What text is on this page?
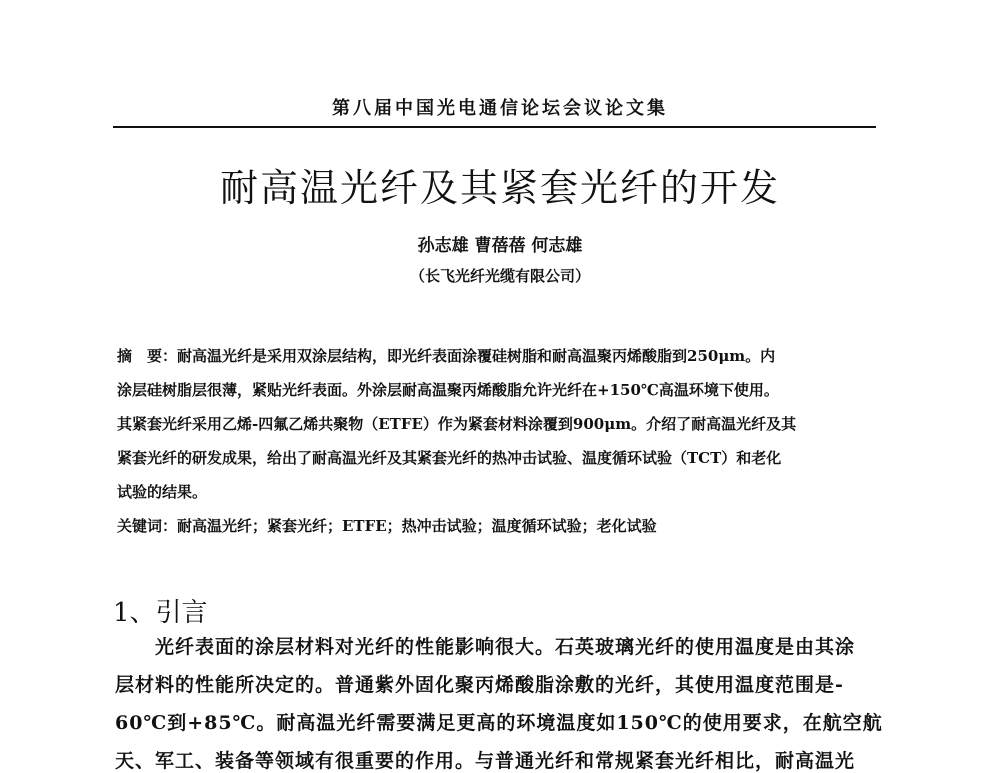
第八届中国光电通信论坛会议论文集
耐高温光纤及其紧套光纤的开发
孙志雄 曹蓓蓓 何志雄
（长飞光纤光缆有限公司）
摘　要：耐高温光纤是采用双涂层结构，即光纤表面涂覆硅树脂和耐高温聚丙烯酸脂到250μm。内
涂层硅树脂层很薄，紧贴光纤表面。外涂层耐高温聚丙烯酸脂允许光纤在+150℃高温环境下使用。
其紧套光纤采用乙烯-四氟乙烯共聚物（ETFE）作为紧套材料涂覆到900μm。介绍了耐高温光纤及其
紧套光纤的研发成果，给出了耐高温光纤及其紧套光纤的热冲击试验、温度循环试验（TCT）和老化
试验的结果。
关键词：耐高温光纤；紧套光纤；ETFE；热冲击试验；温度循环试验；老化试验
1、引言
　　光纤表面的涂层材料对光纤的性能影响很大。石英玻璃光纤的使用温度是由其涂
层材料的性能所决定的。普通紫外固化聚丙烯酸脂涂敷的光纤，其使用温度范围是-
60℃到+85℃。耐高温光纤需要满足更高的环境温度如150℃的使用要求，在航空航
天、军工、装备等领域有很重要的作用。与普通光纤和常规紧套光纤相比，耐高温光
